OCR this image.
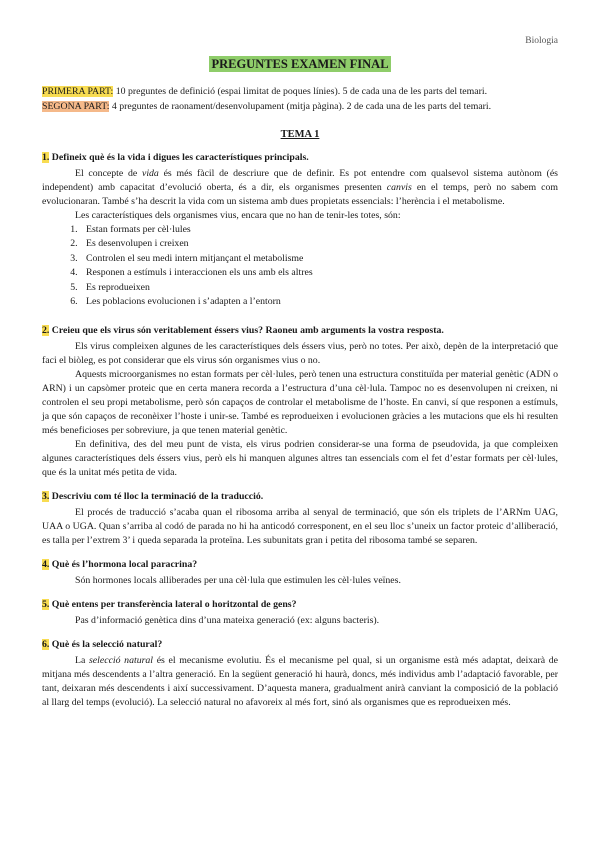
Biologia
PREGUNTES EXAMEN FINAL

PRIMERA PART: 10 preguntes de definició (espai limitat de poques línies). 5 de cada una de les parts del temari.

SEGONA PART: 4 preguntes de raonament/desenvolupament (mitja pàgina). 2 de cada una de les parts del temari.

TEMA 1

1. Defineix què és la vida i digues les característiques principals.

El concepte de vida és més fàcil de descriure que de definir. Es pot entendre com qualsevol sistema autònom (és independent) amb capacitat d’evolució oberta, és a dir, els organismes presenten canvis en el temps, però no sabem com evolucionaran. També s’ha descrit la vida com un sistema amb dues propietats essencials: l’herència i el metabolisme.

Les característiques dels organismes vius, encara que no han de tenir-les totes, són:

1. Estan formats per cèl·lules
2. Es desenvolupen i creixen
3. Controlen el seu medi intern mitjançant el metabolisme
4. Responen a estímuls i interaccionen els uns amb els altres
5. Es reprodueixen
6. Les poblacions evolucionen i s’adapten a l’entorn

2. Creieu que els virus són veritablement éssers vius? Raoneu amb arguments la vostra resposta.

Els virus compleixen algunes de les característiques dels éssers vius, però no totes. Per això, depèn de la interpretació que faci el biòleg, es pot considerar que els virus són organismes vius o no.

Aquests microorganismes no estan formats per cèl·lules, però tenen una estructura constituïda per material genètic (ADN o ARN) i un capsòmer proteic que en certa manera recorda a l’estructura d’una cèl·lula. Tampoc no es desenvolupen ni creixen, ni controlen el seu propi metabolisme, però són capaços de controlar el metabolisme de l’hoste. En canvi, sí que responen a estímuls, ja que són capaços de reconèixer l’hoste i unir-se. També es reprodueixen i evolucionen gràcies a les mutacions que els hi resulten més beneficioses per sobreviure, ja que tenen material genètic.

En definitiva, des del meu punt de vista, els virus podrien considerar-se una forma de pseudovida, ja que compleixen algunes característiques dels éssers vius, però els hi manquen algunes altres tan essencials com el fet d’estar formats per cèl·lules, que és la unitat més petita de vida.

3. Descriviu com té lloc la terminació de la traducció.

El procés de traducció s’acaba quan el ribosoma arriba al senyal de terminació, que són els triplets de l’ARNm UAG, UAA o UGA. Quan s’arriba al codó de parada no hi ha anticodó corresponent, en el seu lloc s’uneix un factor proteic d’alliberació, es talla per l’extrem 3’ i queda separada la proteïna. Les subunitats gran i petita del ribosoma també se separen.

4. Què és l’hormona local paracrina?

Són hormones locals alliberades per una cèl·lula que estimulen les cèl·lules veïnes.

5. Què entens per transferència lateral o horitzontal de gens?

Pas d’informació genètica dins d’una mateixa generació (ex: alguns bacteris).

6. Què és la selecció natural?

La selecció natural és el mecanisme evolutiu. És el mecanisme pel qual, si un organisme està més adaptat, deixarà de mitjana més descendents a l’altra generació. En la següent generació hi haurà, doncs, més individus amb l’adaptació favorable, per tant, deixaran més descendents i així successivament. D’aquesta manera, gradualment anirà canviant la composició de la població al llarg del temps (evolució). La selecció natural no afavoreix al més fort, sinó als organismes que es reprodueixen més.
